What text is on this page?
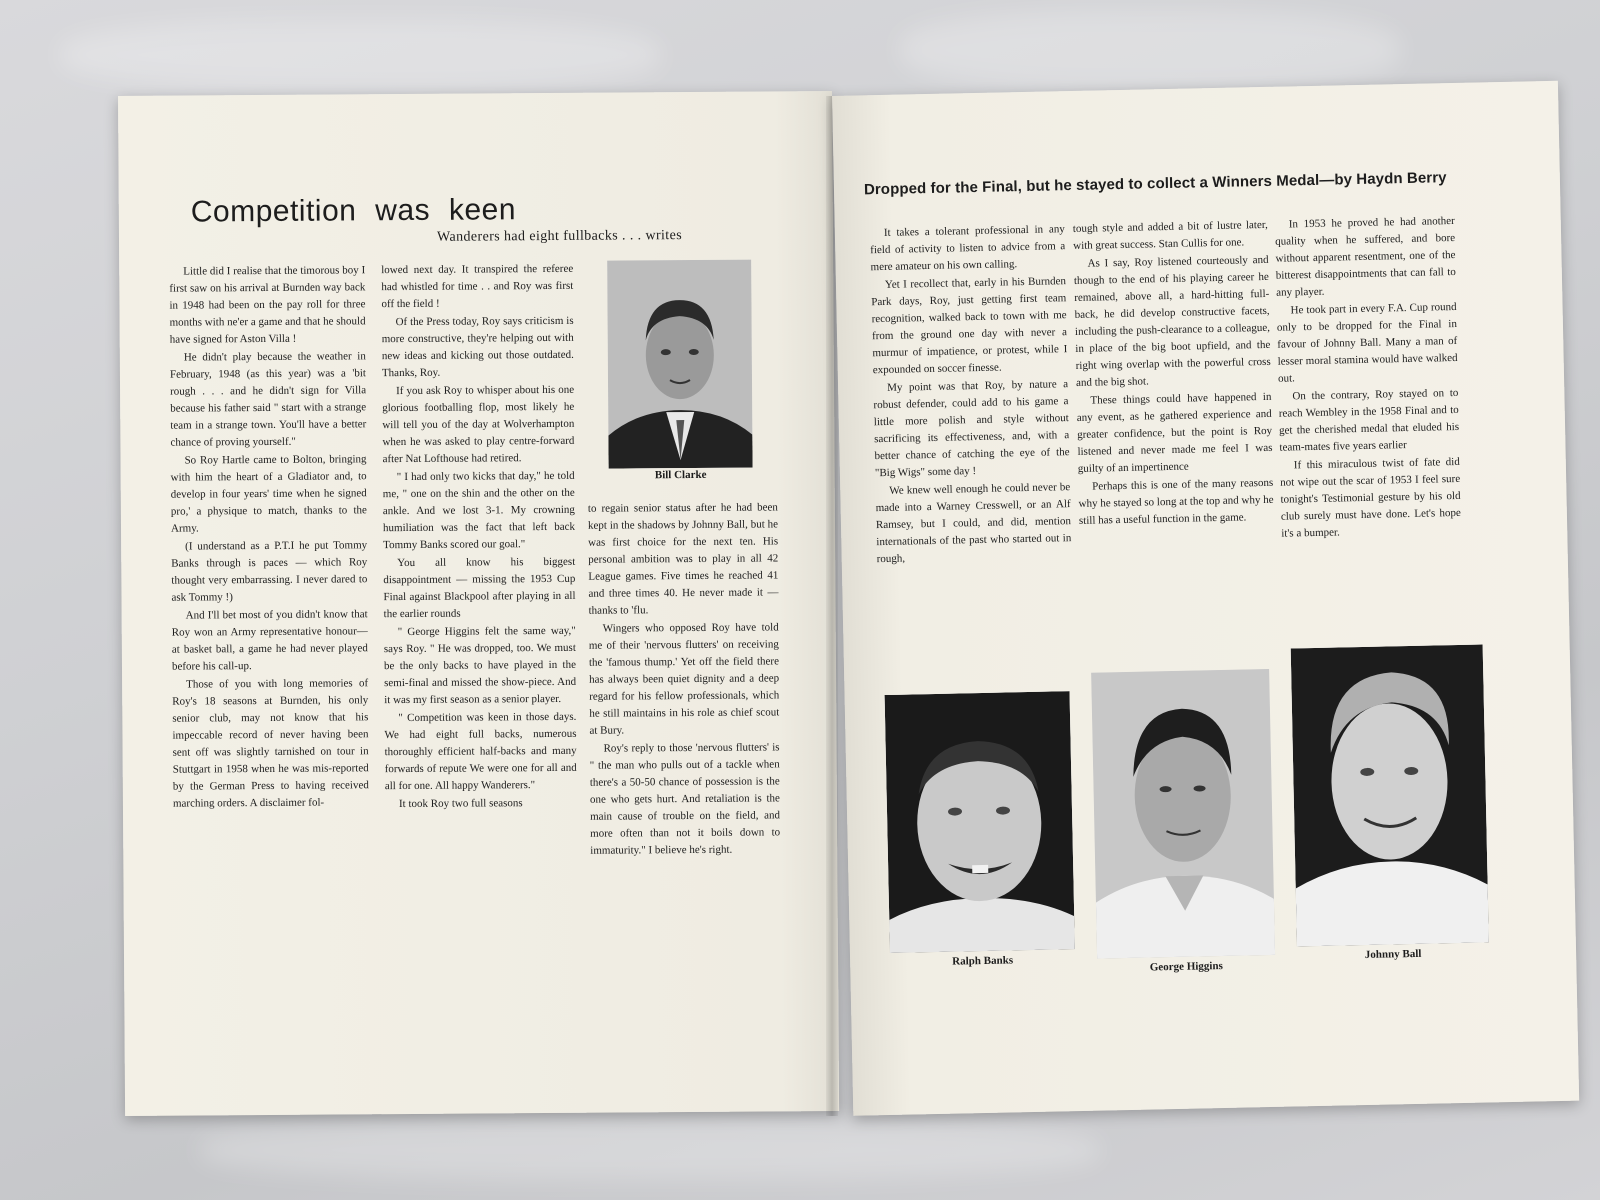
Competition was keen

Wanderers had eight fullbacks . . . writes

Little did I realise that the timorous boy I first saw on his arrival at Burnden way back in 1948 had been on the pay roll for three months with ne'er a game and that he should have signed for Aston Villa !

He didn't play because the weather in February, 1948 (as this year) was a 'bit rough . . . and he didn't sign for Villa because his father said " start with a strange team in a strange town. You'll have a better chance of proving yourself."

So Roy Hartle came to Bolton, bringing with him the heart of a Gladiator and, to develop in four years' time when he signed pro,' a physique to match, thanks to the Army.

(I understand as a P.T.I he put Tommy Banks through is paces — which Roy thought very embarrassing. I never dared to ask Tommy !)

And I'll bet most of you didn't know that Roy won an Army representative honour—at basket ball, a game he had never played before his call-up.

Those of you with long memories of Roy's 18 seasons at Burnden, his only senior club, may not know that his impeccable record of never having been sent off was slightly tarnished on tour in Stuttgart in 1958 when he was mis-reported by the German Press to having received marching orders. A disclaimer fol-

lowed next day. It transpired the referee had whistled for time . . and Roy was first off the field !

Of the Press today, Roy says criticism is more constructive, they're helping out with new ideas and kicking out those outdated. Thanks, Roy.

If you ask Roy to whisper about his one glorious footballing flop, most likely he will tell you of the day at Wolverhampton when he was asked to play centre-forward after Nat Lofthouse had retired.

" I had only two kicks that day," he told me, " one on the shin and the other on the ankle. And we lost 3-1. My crowning humiliation was the fact that left back Tommy Banks scored our goal."

You all know his biggest disappointment — missing the 1953 Cup Final against Blackpool after playing in all the earlier rounds

" George Higgins felt the same way," says Roy. " He was dropped, too. We must be the only backs to have played in the semi-final and missed the show-piece. And it was my first season as a senior player.

" Competition was keen in those days. We had eight full backs, numerous thoroughly efficient half-backs and many forwards of repute We were one for all and all for one. All happy Wanderers."

It took Roy two full seasons

Bill Clarke

to regain senior status after he had been kept in the shadows by Johnny Ball, but he was first choice for the next ten. His personal ambition was to play in all 42 League games. Five times he reached 41 and three times 40. He never made it — thanks to 'flu.

Wingers who opposed Roy have told me of their 'nervous flutters' on receiving the 'famous thump.' Yet off the field there has always been quiet dignity and a deep regard for his fellow professionals, which he still maintains in his role as chief scout at Bury.

Roy's reply to those 'nervous flutters' is " the man who pulls out of a tackle when there's a 50-50 chance of possession is the one who gets hurt. And retaliation is the main cause of trouble on the field, and more often than not it boils down to immaturity." I believe he's right.

Dropped for the Final, but he stayed to collect a Winners Medal—by Haydn Berry

It takes a tolerant professional in any field of activity to listen to advice from a mere amateur on his own calling.

Yet I recollect that, early in his Burnden Park days, Roy, just getting first team recognition, walked back to town with me from the ground one day with never a murmur of impatience, or protest, while I expounded on soccer finesse.

My point was that Roy, by nature a robust defender, could add to his game a little more polish and style without sacrificing its effectiveness, and, with a better chance of catching the eye of the "Big Wigs" some day !

We knew well enough he could never be made into a Warney Cresswell, or an Alf Ramsey, but I could, and did, mention internationals of the past who started out in rough,

tough style and added a bit of lustre later, with great success. Stan Cullis for one.

As I say, Roy listened courteously and though to the end of his playing career he remained, above all, a hard-hitting full-back, he did develop constructive facets, including the push-clearance to a colleague, in place of the big boot upfield, and the right wing overlap with the powerful cross and the big shot.

These things could have happened in any event, as he gathered experience and greater confidence, but the point is Roy listened and never made me feel I was guilty of an impertinence

Perhaps this is one of the many reasons why he stayed so long at the top and why he still has a useful function in the game.

In 1953 he proved he had another quality when he suffered, and bore without apparent resentment, one of the bitterest disappointments that can fall to any player.

He took part in every F.A. Cup round only to be dropped for the Final in favour of Johnny Ball. Many a man of lesser moral stamina would have walked out.

On the contrary, Roy stayed on to reach Wembley in the 1958 Final and to get the cherished medal that eluded his team-mates five years earlier

If this miraculous twist of fate did not wipe out the scar of 1953 I feel sure tonight's Testimonial gesture by his old club surely must have done. Let's hope it's a bumper.

Ralph Banks	George Higgins
Johnny Ball
